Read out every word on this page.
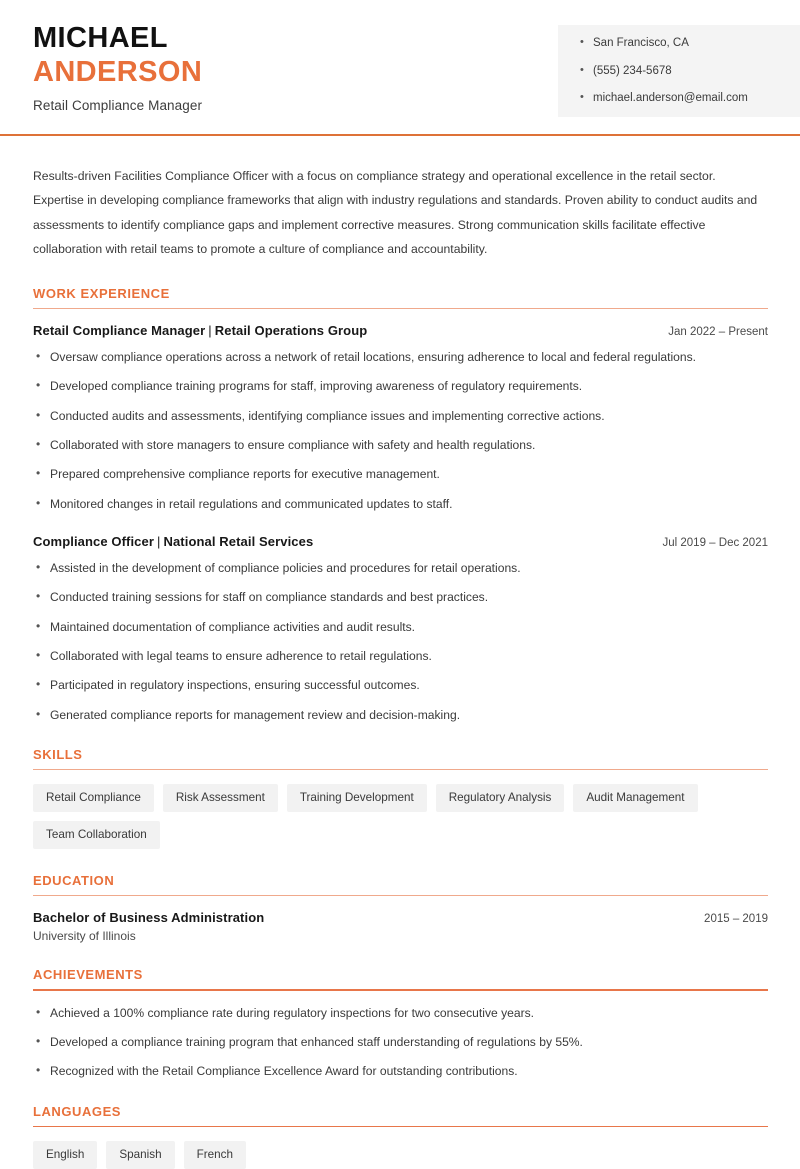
MICHAEL
ANDERSON
Retail Compliance Manager
• San Francisco, CA
• (555) 234-5678
• michael.anderson@email.com

Results-driven Facilities Compliance Officer with a focus on compliance strategy and operational excellence in the retail sector. Expertise in developing compliance frameworks that align with industry regulations and standards. Proven ability to conduct audits and assessments to identify compliance gaps and implement corrective measures. Strong communication skills facilitate effective collaboration with retail teams to promote a culture of compliance and accountability.

WORK EXPERIENCE
Retail Compliance Manager | Retail Operations Group	Jan 2022 – Present
• Oversaw compliance operations across a network of retail locations, ensuring adherence to local and federal regulations.
• Developed compliance training programs for staff, improving awareness of regulatory requirements.
• Conducted audits and assessments, identifying compliance issues and implementing corrective actions.
• Collaborated with store managers to ensure compliance with safety and health regulations.
• Prepared comprehensive compliance reports for executive management.
• Monitored changes in retail regulations and communicated updates to staff.
Compliance Officer | National Retail Services	Jul 2019 – Dec 2021
• Assisted in the development of compliance policies and procedures for retail operations.
• Conducted training sessions for staff on compliance standards and best practices.
• Maintained documentation of compliance activities and audit results.
• Collaborated with legal teams to ensure adherence to retail regulations.
• Participated in regulatory inspections, ensuring successful outcomes.
• Generated compliance reports for management review and decision-making.
SKILLS
Retail Compliance	Risk Assessment	Training Development	Regulatory Analysis	Audit Management
Team Collaboration
EDUCATION
Bachelor of Business Administration	2015 – 2019
University of Illinois
ACHIEVEMENTS
• Achieved a 100% compliance rate during regulatory inspections for two consecutive years.
• Developed a compliance training program that enhanced staff understanding of regulations by 55%.
• Recognized with the Retail Compliance Excellence Award for outstanding contributions.
LANGUAGES
English	Spanish	French
